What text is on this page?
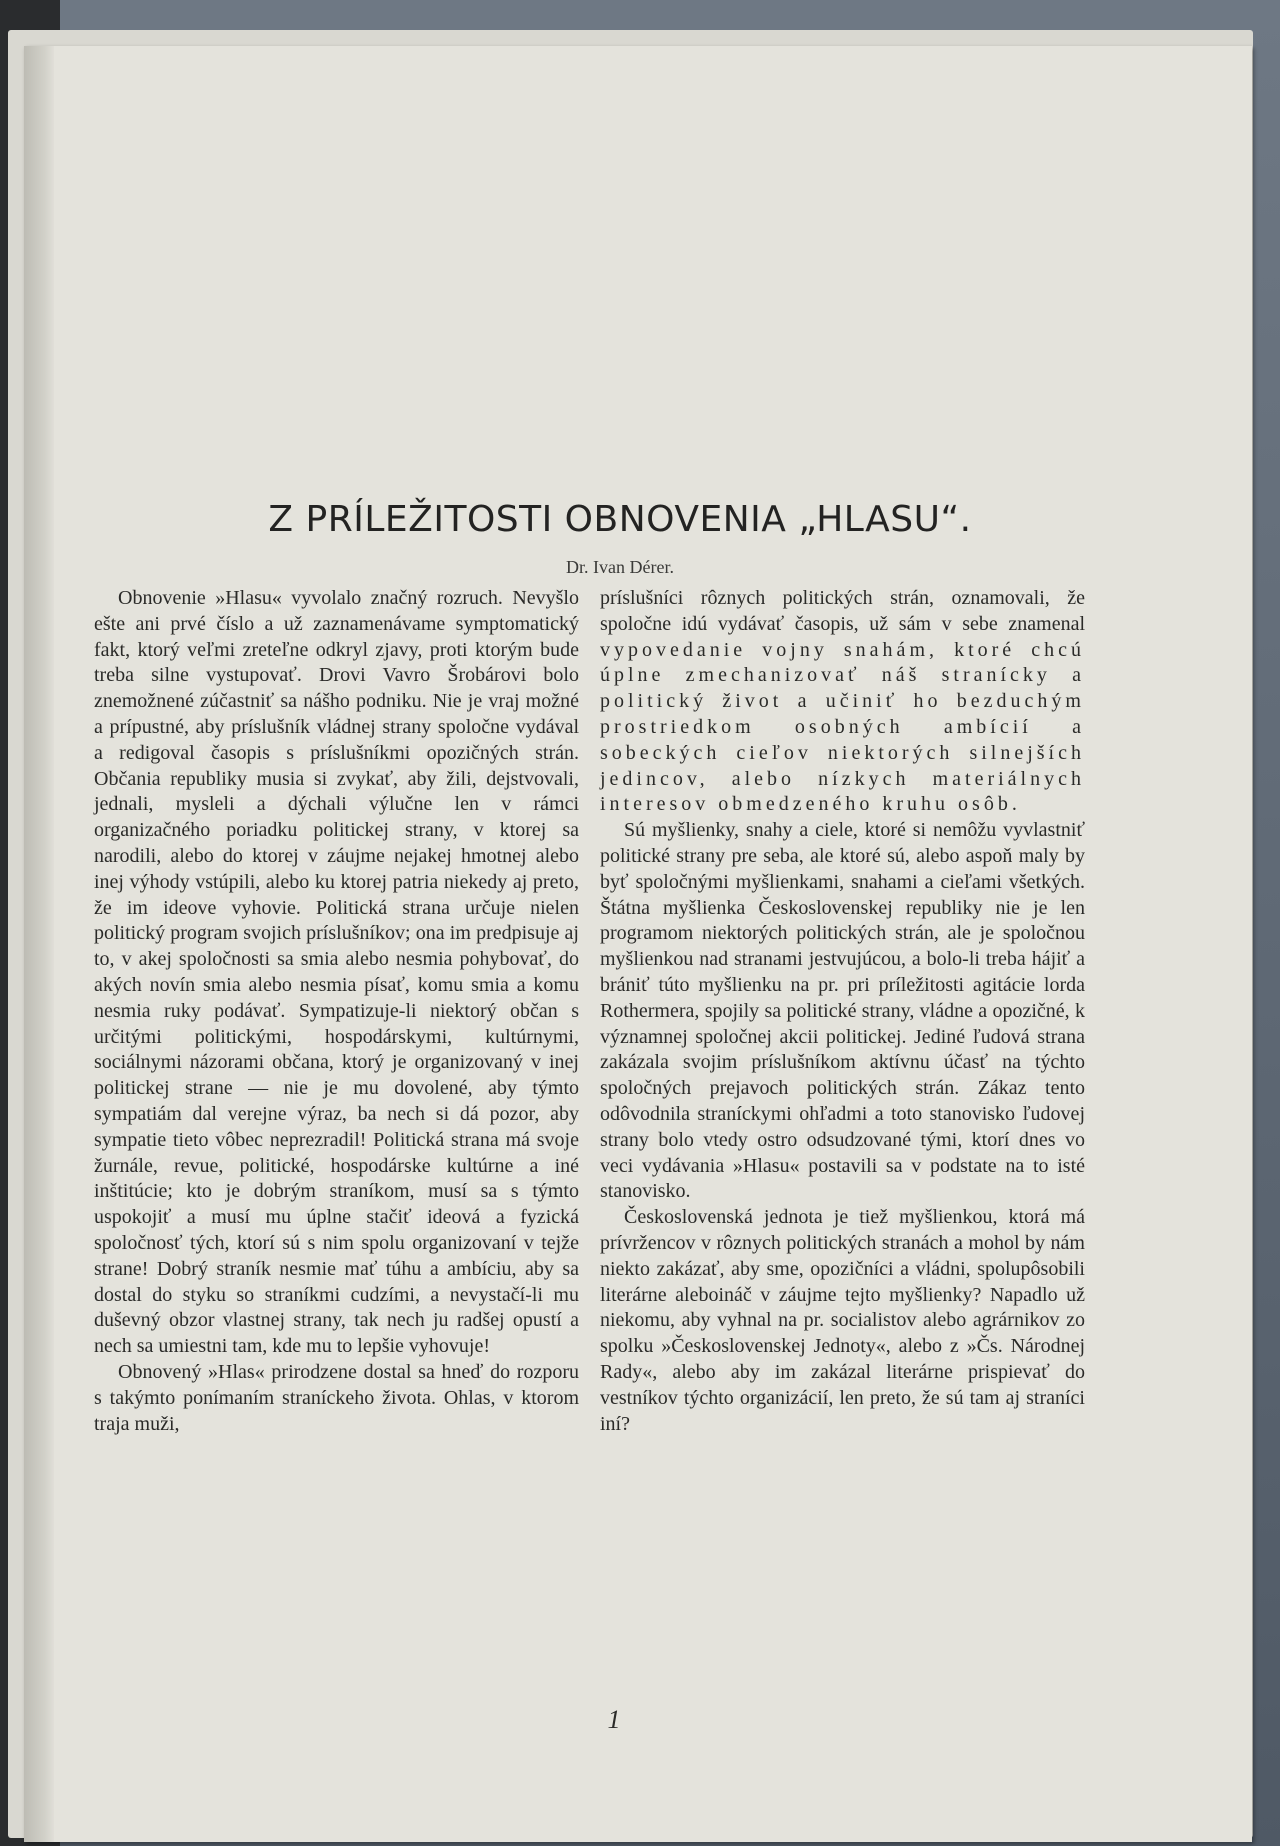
Z PRÍLEŽITOSTI OBNOVENIA „HLASU“.
Dr. Ivan Dérer.

Obnovenie »Hlasu« vyvolalo značný rozruch. Nevyšlo ešte ani prvé číslo a už zaznamenávame symptomatický fakt, ktorý veľmi zreteľne odkryl zjavy, proti ktorým bude treba silne vystupovať. Drovi Vavro Šrobárovi bolo znemožnené zúčastniť sa nášho podniku. Nie je vraj možné a prípustné, aby príslušník vládnej strany spoločne vydával a redigoval časopis s príslušníkmi opozičných strán. Občania republiky musia si zvykať, aby žili, dejstvovali, jednali, mysleli a dýchali výlučne len v rámci organizačného poriadku politickej strany, v ktorej sa narodili, alebo do ktorej v záujme nejakej hmotnej alebo inej výhody vstúpili, alebo ku ktorej patria niekedy aj preto, že im ideove vyhovie. Politická strana určuje nielen politický program svojich príslušníkov; ona im predpisuje aj to, v akej spoločnosti sa smia alebo nesmia pohybovať, do akých novín smia alebo nesmia písať, komu smia a komu nesmia ruky podávať. Sympatizuje-li niektorý občan s určitými politickými, hospodárskymi, kultúrnymi, sociálnymi názorami občana, ktorý je organizovaný v inej politickej strane — nie je mu dovolené, aby týmto sympatiám dal verejne výraz, ba nech si dá pozor, aby sympatie tieto vôbec neprezradil! Politická strana má svoje žurnále, revue, politické, hospodárske kultúrne a iné inštitúcie; kto je dobrým straníkom, musí sa s týmto uspokojiť a musí mu úplne stačiť ideová a fyzická spoločnosť tých, ktorí sú s nim spolu organizovaní v tejže strane! Dobrý straník nesmie mať túhu a ambíciu, aby sa dostal do styku so straníkmi cudzími, a nevystačí-li mu duševný obzor vlastnej strany, tak nech ju radšej opustí a nech sa umiestni tam, kde mu to lepšie vyhovuje!

Obnovený »Hlas« prirodzene dostal sa hneď do rozporu s takýmto ponímaním straníckeho života. Ohlas, v ktorom traja muži,

príslušníci rôznych politických strán, oznamovali, že spoločne idú vydávať časopis, už sám v sebe znamenal vypovedanie vojny snahám, ktoré chcú úplne zmechanizovať náš stranícky a politický život a učiniť ho bezduchým prostriedkom osobných ambícií a sobeckých cieľov niektorých silnejších jedincov, alebo nízkych materiálnych interesov obmedzeného kruhu osôb.

Sú myšlienky, snahy a ciele, ktoré si nemôžu vyvlastniť politické strany pre seba, ale ktoré sú, alebo aspoň maly by byť spoločnými myšlienkami, snahami a cieľami všetkých. Štátna myšlienka Československej republiky nie je len programom niektorých politických strán, ale je spoločnou myšlienkou nad stranami jestvujúcou, a bolo-li treba hájiť a brániť túto myšlienku na pr. pri príležitosti agitácie lorda Rothermera, spojily sa politické strany, vládne a opozičné, k významnej spoločnej akcii politickej. Jediné ľudová strana zakázala svojim príslušníkom aktívnu účasť na týchto spoločných prejavoch politických strán. Zákaz tento odôvodnila straníckymi ohľadmi a toto stanovisko ľudovej strany bolo vtedy ostro odsudzované tými, ktorí dnes vo veci vydávania »Hlasu« postavili sa v podstate na to isté stanovisko.

Československá jednota je tiež myšlienkou, ktorá má prívržencov v rôznych politických stranách a mohol by nám niekto zakázať, aby sme, opozičníci a vládni, spolupôsobili literárne aleboináč v záujme tejto myšlienky? Napadlo už niekomu, aby vyhnal na pr. socialistov alebo agrárnikov zo spolku »Československej Jednoty«, alebo z »Čs. Národnej Rady«, alebo aby im zakázal literárne prispievať do vestníkov týchto organizácií, len preto, že sú tam aj straníci iní?

1
